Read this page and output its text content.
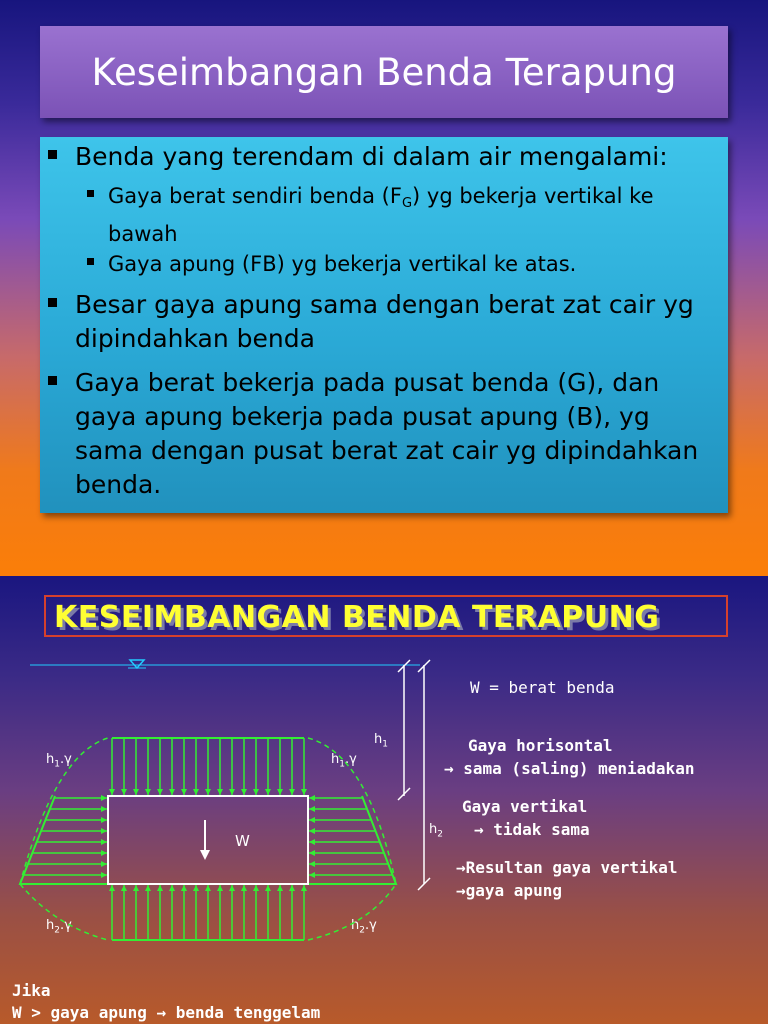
Keseimbangan Benda Terapung
Benda yang terendam di dalam air mengalami:
Gaya berat sendiri benda $(F_G)$ yg bekerja vertikal ke
bawah
Gaya apung (FB) yg bekerja vertikal ke atas.
Besar gaya apung sama dengan berat zat cair yg
dipindahkan benda
Gaya berat bekerja pada pusat benda (G), dan
gaya apung bekerja pada pusat apung (B), yg
sama dengan pusat berat zat cair yg dipindahkan
benda.
KESEIMBANGAN BENDA TERAPUNG
W = berat benda
Gaya horisontal
→ sama (saling) meniadakan
Gaya vertikal
→ tidak sama
→Resultan gaya vertikal
→gaya apung
Jika
W > gaya apung → benda tenggelam
W
$h_1$
$h_2$
$h_1.\gamma$	$h_1.\gamma$
$h_2.\gamma$	$h_2.\gamma$
